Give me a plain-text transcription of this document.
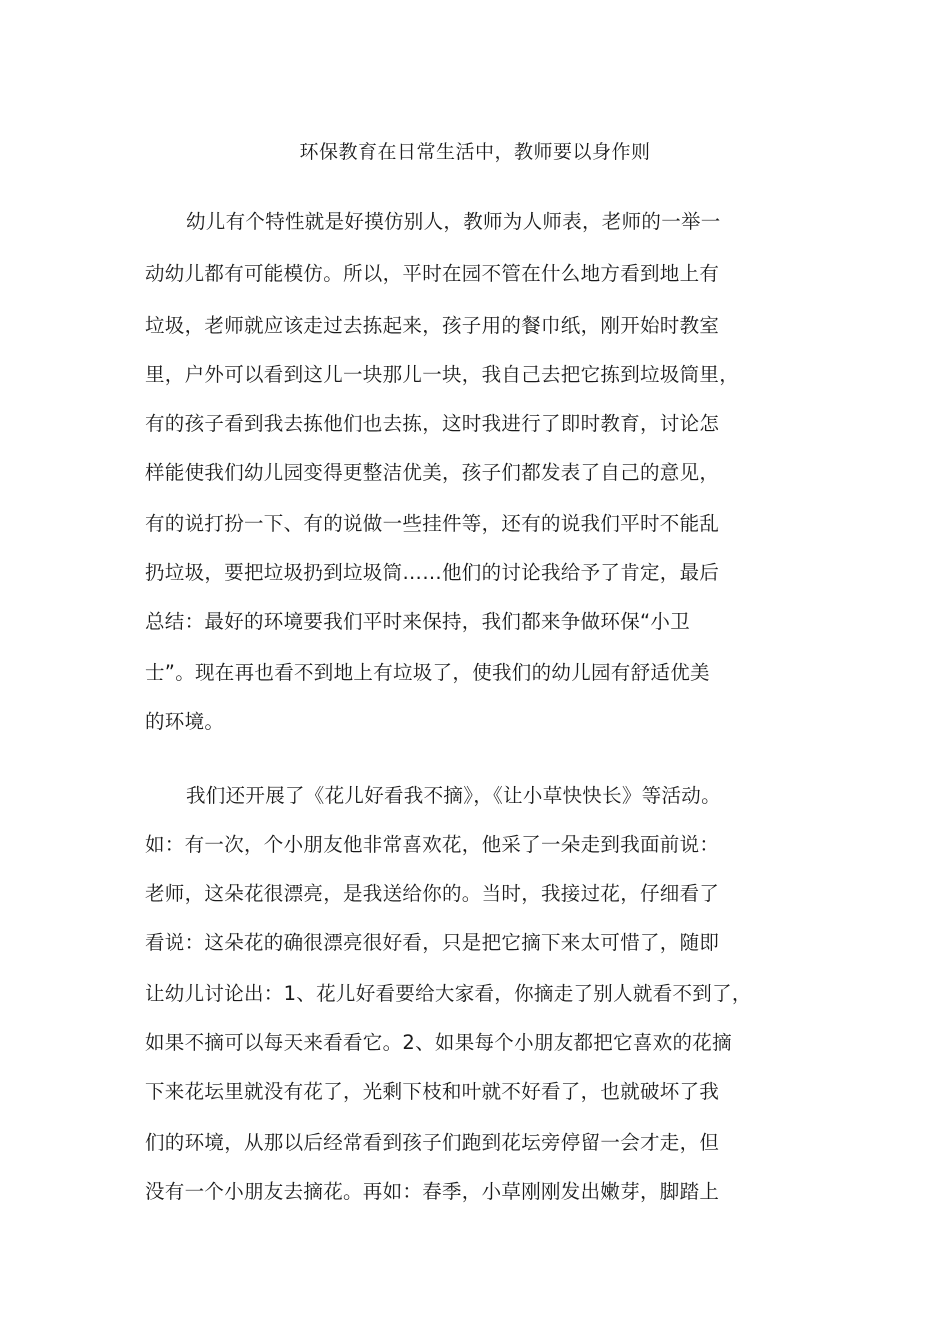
环保教育在日常生活中，教师要以身作则
幼儿有个特性就是好摸仿别人，教师为人师表，老师的一举一
动幼儿都有可能模仿。所以，平时在园不管在什么地方看到地上有
垃圾，老师就应该走过去拣起来，孩子用的餐巾纸，刚开始时教室
里，户外可以看到这儿一块那儿一块，我自己去把它拣到垃圾筒里，
有的孩子看到我去拣他们也去拣，这时我进行了即时教育，讨论怎
样能使我们幼儿园变得更整洁优美，孩子们都发表了自己的意见，
有的说打扮一下、有的说做一些挂件等，还有的说我们平时不能乱
扔垃圾，要把垃圾扔到垃圾筒……他们的讨论我给予了肯定，最后
总结：最好的环境要我们平时来保持，我们都来争做环保“小卫
士”。现在再也看不到地上有垃圾了，使我们的幼儿园有舒适优美
的环境。
我们还开展了《花儿好看我不摘》，《让小草快快长》等活动。
如：有一次，个小朋友他非常喜欢花，他采了一朵走到我面前说：
老师，这朵花很漂亮，是我送给你的。当时，我接过花，仔细看了
看说：这朵花的确很漂亮很好看，只是把它摘下来太可惜了，随即
让幼儿讨论出：1、花儿好看要给大家看，你摘走了别人就看不到了，
如果不摘可以每天来看看它。2、如果每个小朋友都把它喜欢的花摘
下来花坛里就没有花了，光剩下枝和叶就不好看了，也就破坏了我
们的环境，从那以后经常看到孩子们跑到花坛旁停留一会才走，但
没有一个小朋友去摘花。再如：春季，小草刚刚发出嫩芽，脚踏上
